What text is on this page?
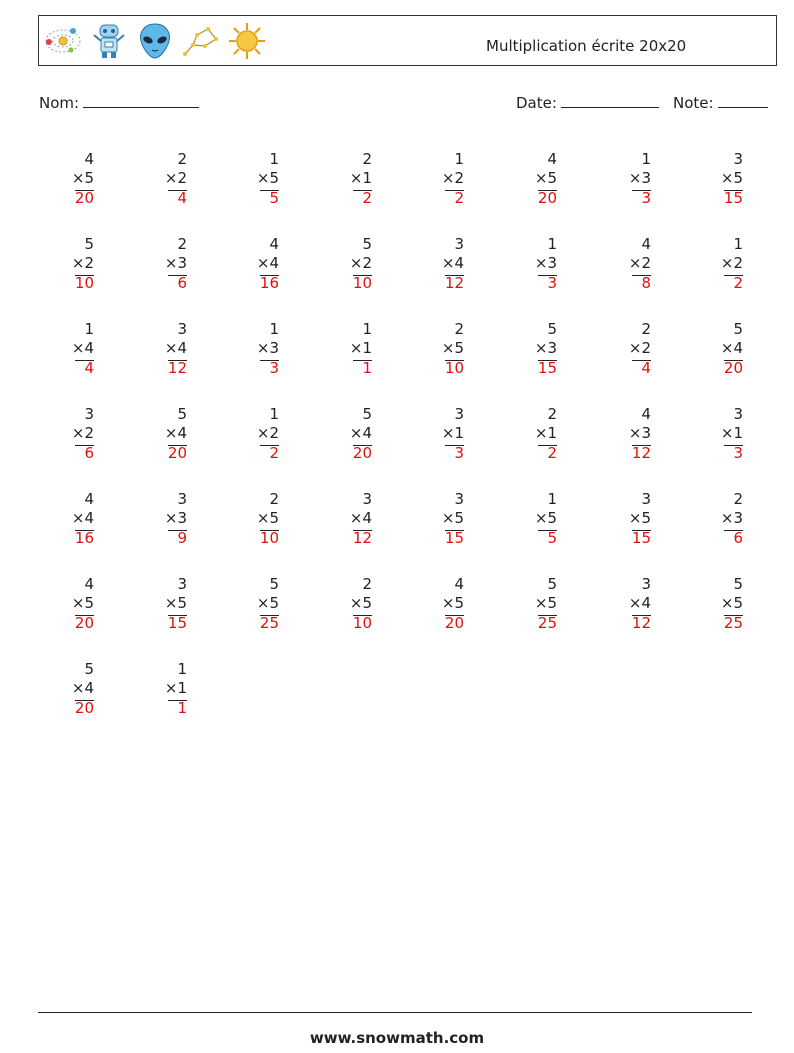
Multiplication écrite 20x20
Nom:	Date:	Note:
4
×5
20
2
×2
4
1
×5
5
2
×1
2
1
×2
2
4
×5
20
1
×3
3
3
×5
15
5
×2
10
2
×3
6
4
×4
16
5
×2
10
3
×4
12
1
×3
3
4
×2
8
1
×2
2
1
×4
4
3
×4
12
1
×3
3
1
×1
1
2
×5
10
5
×3
15
2
×2
4
5
×4
20
3
×2
6
5
×4
20
1
×2
2
5
×4
20
3
×1
3
2
×1
2
4
×3
12
3
×1
3
4
×4
16
3
×3
9
2
×5
10
3
×4
12
3
×5
15
1
×5
5
3
×5
15
2
×3
6
4
×5
20
3
×5
15
5
×5
25
2
×5
10
4
×5
20
5
×5
25
3
×4
12
5
×5
25
5
×4
20
1
×1
1
www.snowmath.com
